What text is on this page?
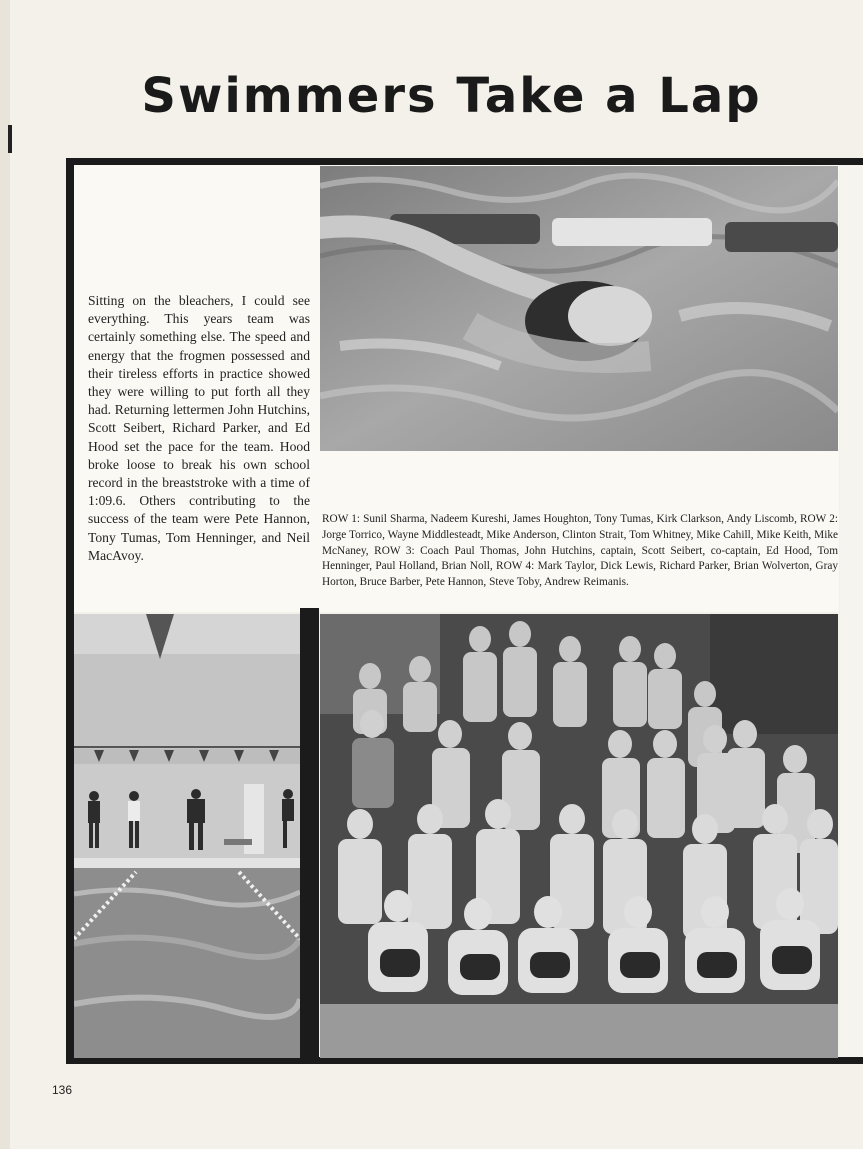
Swimmers Take a Lap
Sitting on the bleachers, I could see everything. This years team was certainly something else. The speed and energy that the frogmen possessed and their tireless efforts in practice showed they were willing to put forth all they had. Returning lettermen John Hutchins, Scott Seibert, Richard Parker, and Ed Hood set the pace for the team. Hood broke loose to break his own school record in the breaststroke with a time of 1:09.6. Others contributing to the success of the team were Pete Hannon, Tony Tumas, Tom Henninger, and Neil MacAvoy.
ROW 1: Sunil Sharma, Nadeem Kureshi, James Houghton, Tony Tumas, Kirk Clarkson, Andy Liscomb, ROW 2: Jorge Torrico, Wayne Middlesteadt, Mike Anderson, Clinton Strait, Tom Whitney, Mike Cahill, Mike Keith, Mike McNaney, ROW 3: Coach Paul Thomas, John Hutchins, captain, Scott Seibert, co-captain, Ed Hood, Tom Henninger, Paul Holland, Brian Noll, ROW 4: Mark Taylor, Dick Lewis, Richard Parker, Brian Wolverton, Gray Horton, Bruce Barber, Pete Hannon, Steve Toby, Andrew Reimanis.
136
